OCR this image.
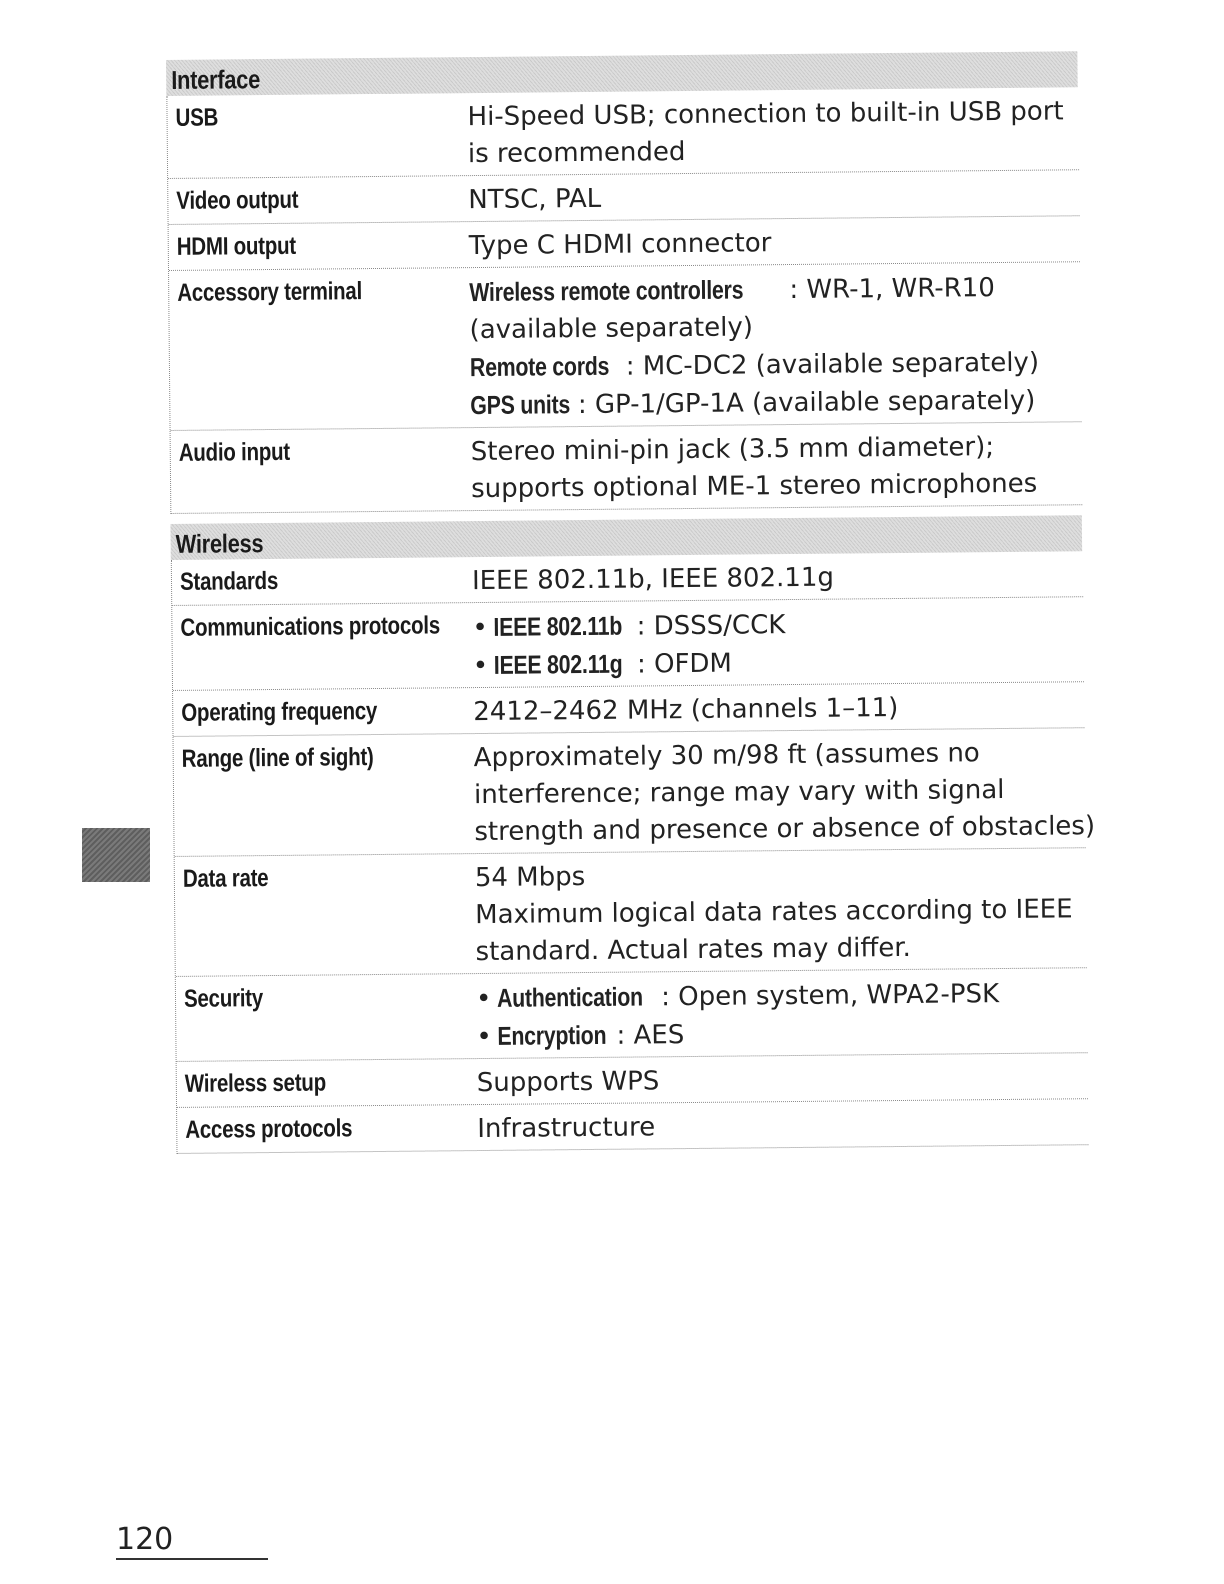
Interface
USB	Hi-Speed USB; connection to built-in USB port
is recommended
Video output	NTSC, PAL
HDMI output	Type C HDMI connector
Accessory terminal	Wireless remote controllers : WR-1, WR-R10
(available separately)
Remote cords : MC-DC2 (available separately)
GPS units : GP-1/GP-1A (available separately)
Audio input	Stereo mini-pin jack (3.5 mm diameter);
supports optional ME-1 stereo microphones
Wireless
Standards	IEEE 802.11b, IEEE 802.11g
Communications protocols	• IEEE 802.11b : DSSS/CCK
• IEEE 802.11g : OFDM
Operating frequency	2412–2462 MHz (channels 1–11)
Range (line of sight)	Approximately 30 m/98 ft (assumes no
interference; range may vary with signal
strength and presence or absence of obstacles)
Data rate	54 Mbps
Maximum logical data rates according to IEEE
standard. Actual rates may differ.
Security	• Authentication : Open system, WPA2-PSK
• Encryption : AES
Wireless setup	Supports WPS
Access protocols	Infrastructure
120
